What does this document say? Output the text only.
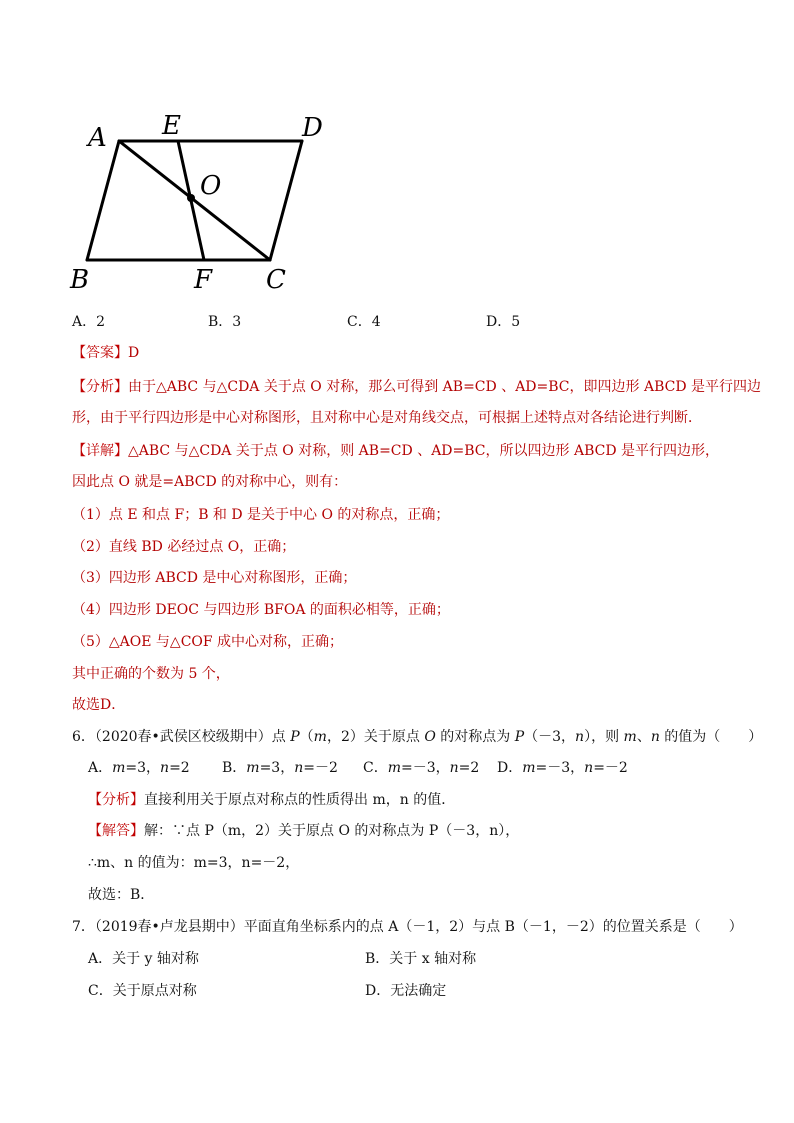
A E	D
O
B	F C
A．2	B．3	C．4	D．5
【答案】D
【分析】由于△ABC 与△CDA 关于点 O 对称，那么可得到 AB=CD 、AD=BC，即四边形 ABCD 是平行四边
形，由于平行四边形是中心对称图形，且对称中心是对角线交点，可根据上述特点对各结论进行判断．
【详解】△ABC 与△CDA 关于点 O 对称，则 AB=CD 、AD=BC，所以四边形 ABCD 是平行四边形，
因此点 O 就是=ABCD 的对称中心，则有：
（1）点 E 和点 F；B 和 D 是关于中心 O 的对称点，正确；
（2）直线 BD 必经过点 O，正确；
（3）四边形 ABCD 是中心对称图形，正确；
（4）四边形 DEOC 与四边形 BFOA 的面积必相等，正确；
（5）△AOE 与△COF 成中心对称，正确；
其中正确的个数为 5 个，
故选D．
6．（2020春•武侯区校级期中）点 P（m，2）关于原点 O 的对称点为 P（－3，n），则 m、n 的值为（　　）
A．m=3，n=2 B．m=3，n=－2 C．m=－3，n=2 D．m=－3，n=－2
【分析】直接利用关于原点对称点的性质得出 m，n 的值．
【解答】解：∵点 P（m，2）关于原点 O 的对称点为 P（－3，n），
∴m、n 的值为：m=3，n=－2，
故选：B．
7．（2019春•卢龙县期中）平面直角坐标系内的点 A（－1，2）与点 B（－1，－2）的位置关系是（　　）
A．关于 y 轴对称	B．关于 x 轴对称
C．关于原点对称	D．无法确定
